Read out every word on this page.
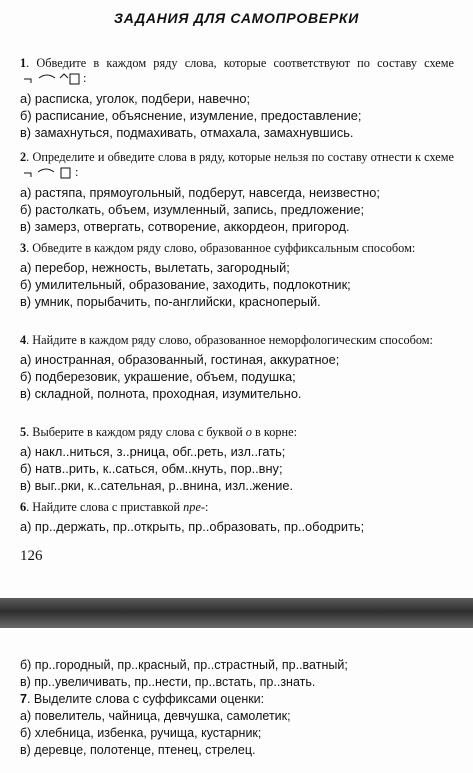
ЗАДАНИЯ ДЛЯ САМОПРОВЕРКИ
1. Обведите в каждом ряду слова, которые соответствуют по составу схеме
:
а) расписка, уголок, подбери, навечно;
б) расписание, объяснение, изумление, предоставление;
в) замахнуться, подмахивать, отмахала, замахнувшись.
2. Определите и обведите слова в ряду, которые нельзя по составу отнести к схеме
:
а) растяпа, прямоугольный, подберут, навсегда, неизвестно;
б) растолкать, объем, изумленный, запись, предложение;
в) замерз, отвергать, сотворение, аккордеон, пригород.
3. Обведите в каждом ряду слово, образованное суффиксальным способом:
а) перебор, нежность, вылетать, загородный;
б) умилительный, образование, заходить, подлокотник;
в) умник, порыбачить, по-английски, красноперый.
4. Найдите в каждом ряду слово, образованное неморфологическим способом:
а) иностранная, образованный, гостиная, аккуратное;
б) подберезовик, украшение, объем, подушка;
в) складной, полнота, проходная, изумительно.
5. Выберите в каждом ряду слова с буквой о в корне:
а) накл..ниться, з..рница, обг..реть, изл..гать;
б) натв..рить, к..саться, обм..кнуть, пор..вну;
в) выг..рки, к..сательная, р..внина, изл..жение.
6. Найдите слова с приставкой пре-:
а) пр..держать, пр..открыть, пр..образовать, пр..ободрить;
126
б) пр..городный, пр..красный, пр..страстный, пр..ватный;
в) пр..увеличивать, пр..нести, пр..встать, пр..знать.
7. Выделите слова с суффиксами оценки:
а) повелитель, чайница, девчушка, самолетик;
б) хлебница, избенка, ручища, кустарник;
в) деревце, полотенце, птенец, стрелец.
